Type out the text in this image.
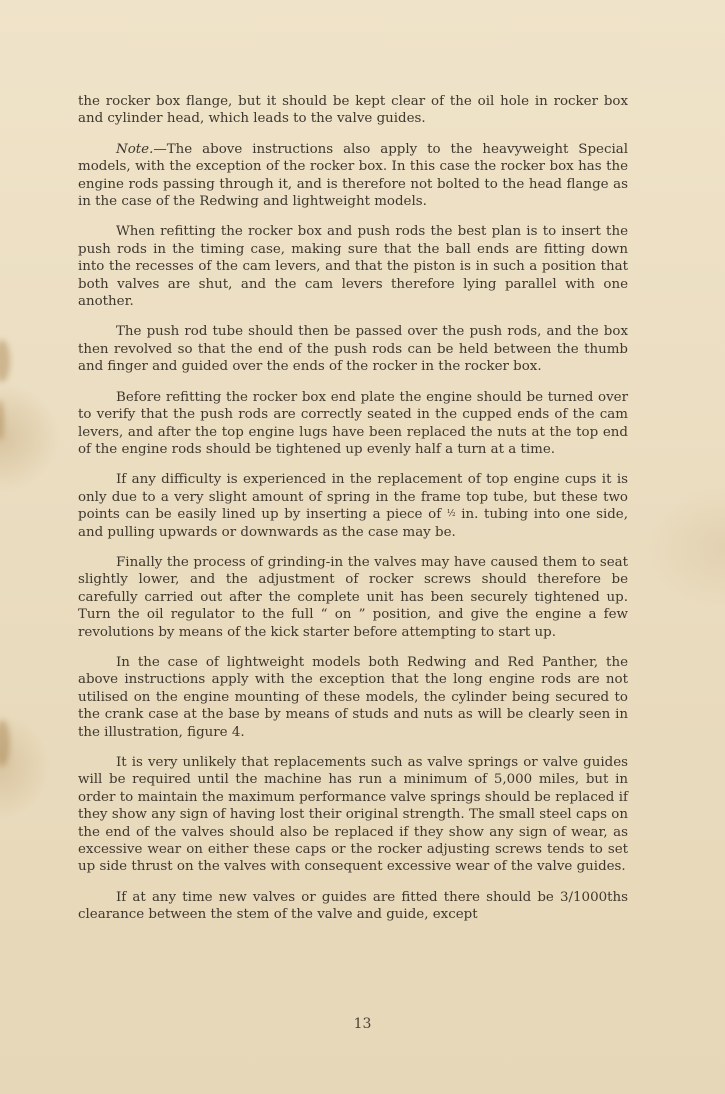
the rocker box flange, but it should be kept clear of the oil hole in rocker box and cylinder head, which leads to the valve guides.

Note.—The above instructions also apply to the heavyweight Special models, with the exception of the rocker box. In this case the rocker box has the engine rods passing through it, and is therefore not bolted to the head flange as in the case of the Redwing and lightweight models.

When refitting the rocker box and push rods the best plan is to insert the push rods in the timing case, making sure that the ball ends are fitting down into the recesses of the cam levers, and that the piston is in such a position that both valves are shut, and the cam levers therefore lying parallel with one another.

The push rod tube should then be passed over the push rods, and the box then revolved so that the end of the push rods can be held between the thumb and finger and guided over the ends of the rocker in the rocker box.

Before refitting the rocker box end plate the engine should be turned over to verify that the push rods are correctly seated in the cupped ends of the cam levers, and after the top engine lugs have been replaced the nuts at the top end of the engine rods should be tightened up evenly half a turn at a time.

If any difficulty is experienced in the replacement of top engine cups it is only due to a very slight amount of spring in the frame top tube, but these two points can be easily lined up by inserting a piece of ½ in. tubing into one side, and pulling upwards or downwards as the case may be.

Finally the process of grinding-in the valves may have caused them to seat slightly lower, and the adjustment of rocker screws should therefore be carefully carried out after the complete unit has been securely tightened up. Turn the oil regulator to the full “ on ” position, and give the engine a few revolutions by means of the kick starter before attempting to start up.

In the case of lightweight models both Redwing and Red Panther, the above instructions apply with the exception that the long engine rods are not utilised on the engine mounting of these models, the cylinder being secured to the crank case at the base by means of studs and nuts as will be clearly seen in the illustration, figure 4.

It is very unlikely that replacements such as valve springs or valve guides will be required until the machine has run a minimum of 5,000 miles, but in order to maintain the maximum performance valve springs should be replaced if they show any sign of having lost their original strength. The small steel caps on the end of the valves should also be replaced if they show any sign of wear, as excessive wear on either these caps or the rocker adjusting screws tends to set up side thrust on the valves with consequent excessive wear of the valve guides.

If at any time new valves or guides are fitted there should be 3/1000ths clearance between the stem of the valve and guide, except

13
